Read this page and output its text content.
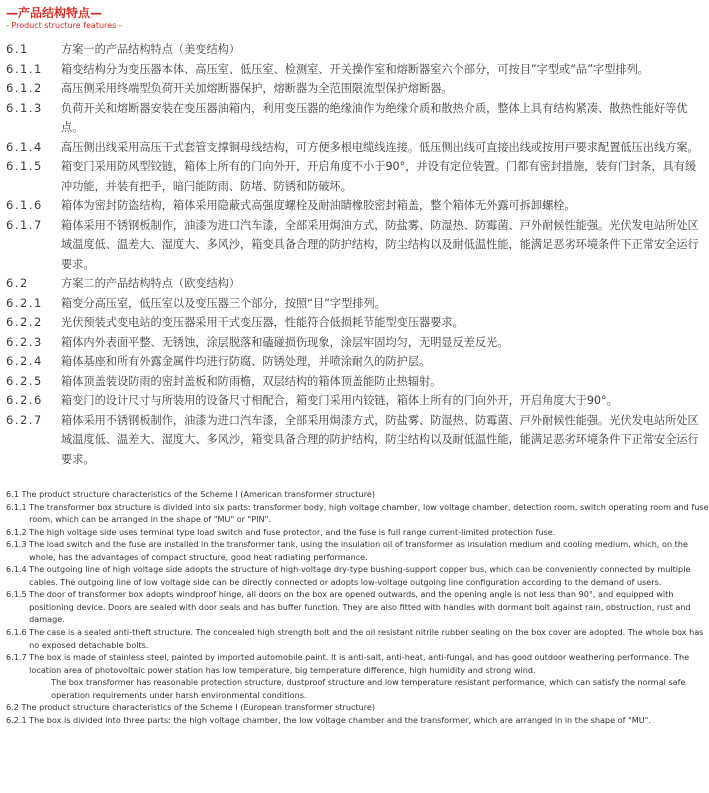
—产品结构特点—
- Product structure features -
6.1	方案一的产品结构特点（美变结构）
6.1.1	箱变结构分为变压器本体、高压室、低压室、检测室、开关操作室和熔断器室六个部分，可按目”字型或“品”字型排列。
6.1.2	高压侧采用终端型负荷开关加熔断器保护，熔断器为全范围限流型保护熔断器。
6.1.3	负荷开关和熔断器安装在变压器油箱内，利用变压器的绝缘油作为绝缘介质和散热介质，整体上具有结构紧凑、散热性能好等优点。
6.1.4	高压侧出线采用高压干式套管支撑铜母线结构，可方便多根电缆线连接。低压侧出线可直接出线或按用戸要求配置低压出线方案。
6.1.5	箱变门采用防风型铰链，箱体上所有的门向外开，开启角度不小于90°，并设有定位装置。门都有密封措施，装有门封条，具有缓冲功能，并装有把手，暗闩能防雨、防堵、防锈和防破坏。
6.1.6	箱体为密封防盗结构，箱体采用隐蔽式高强度螺栓及耐油睛橡胶密封箱盖，整个箱体无外露可拆卸螺栓。
6.1.7	箱体采用不锈钢板制作，油漆为进口汽车漆，全部采用焗油方式，防盐雾、防湿热、防霉菌、戸外耐候性能强。光伏发电站所处区域温度低、温差大、湿度大、多风沙，箱变具备合理的防护结构，防尘结构以及耐低温性能，能满足恶劣环境条件下正常安全运行要求。
6.2	方案二的产品结构特点（欧变结构）
6.2.1	箱变分高压室，低压室以及变压器三个部分，按照“目”字型排列。
6.2.2	光伏预装式变电站的变压器采用干式变压器，性能符合低损耗节能型变压器要求。
6.2.3	箱体内外表面平整、无锈蚀，涂层脱落和磕碰损伤现象，涂层牢固均匀，无明显反差反光。
6.2.4	箱体基座和所有外露金属件均进行防腐、防锈处理，并喷涂耐久的防护层。
6.2.5	箱体顶盖装设防雨的密封盖板和防雨檐，双层结构的箱体顶盖能防止热辐射。
6.2.6	箱变门的设计尺寸与所装用的设备尺寸相配合，箱变门采用内铰链，箱体上所有的门向外开，开启角度大于90°。
6.2.7	箱体采用不锈钢板制作，油漆为进口汽车漆，全部采用焗漆方式，防盐雾、防湿热、防霉菌、戸外耐候性能强。光伏发电站所处区域温度低、温差大、湿度大、多风沙，箱变具备合理的防护结构，防尘结构以及耐低温性能，能满足恶劣环境条件下正常安全运行要求。
6.1 The product structure characteristics of the Scheme I (American transformer structure)
6.1.1 The transformer box structure is divided into six parts: transformer body, high voltage chamber, low voltage chamber, detection room, switch operating room and fuse room, which can be arranged in the shape of "MU" or "PIN".
6.1.2 The high voltage side uses terminal type load switch and fuse protector, and the fuse is full range current-limited protection fuse.
6.1.3 The load switch and the fuse are installed in the transformer tank, using the insulation oil of transformer as insulation medium and cooling medium, which, on the whole, has the advantages of compact structure, good heat radiating performance.
6.1.4 The outgoing line of high voltage side adopts the structure of high-voltage dry-type bushing-support copper bus, which can be conveniently connected by multiple cables. The outgoing line of low voltage side can be directly connected or adopts low-voltage outgoing line configuration according to the demand of users.
6.1.5 The door of transformer box adopts windproof hinge, all doors on the box are opened outwards, and the opening angle is not less than 90°, and equipped with positioning device. Doors are sealed with door seals and has buffer function. They are also fitted with handles with dormant bolt against rain, obstruction, rust and damage.
6.1.6 The case is a sealed anti-theft structure. The concealed high strength bolt and the oil resistant nitrile rubber sealing on the box cover are adopted. The whole box has no exposed detachable bolts.
6.1.7 The box is made of stainless steel, painted by imported automobile paint. It is anti-salt, anti-heat, anti-fungal, and has good outdoor weathering performance. The location area of photovoltaic power station has low temperature, big temperature difference, high humidity and strong wind.
The box transformer has reasonable protection structure, dustproof structure and low temperature resistant performance, which can satisfy the normal safe operation requirements under harsh environmental conditions.
6.2 The product structure characteristics of the Scheme I (European transformer structure)
6.2.1 The box is divided into three parts: the high voltage chamber, the low voltage chamber and the transformer, which are arranged in in the shape of "MU".
